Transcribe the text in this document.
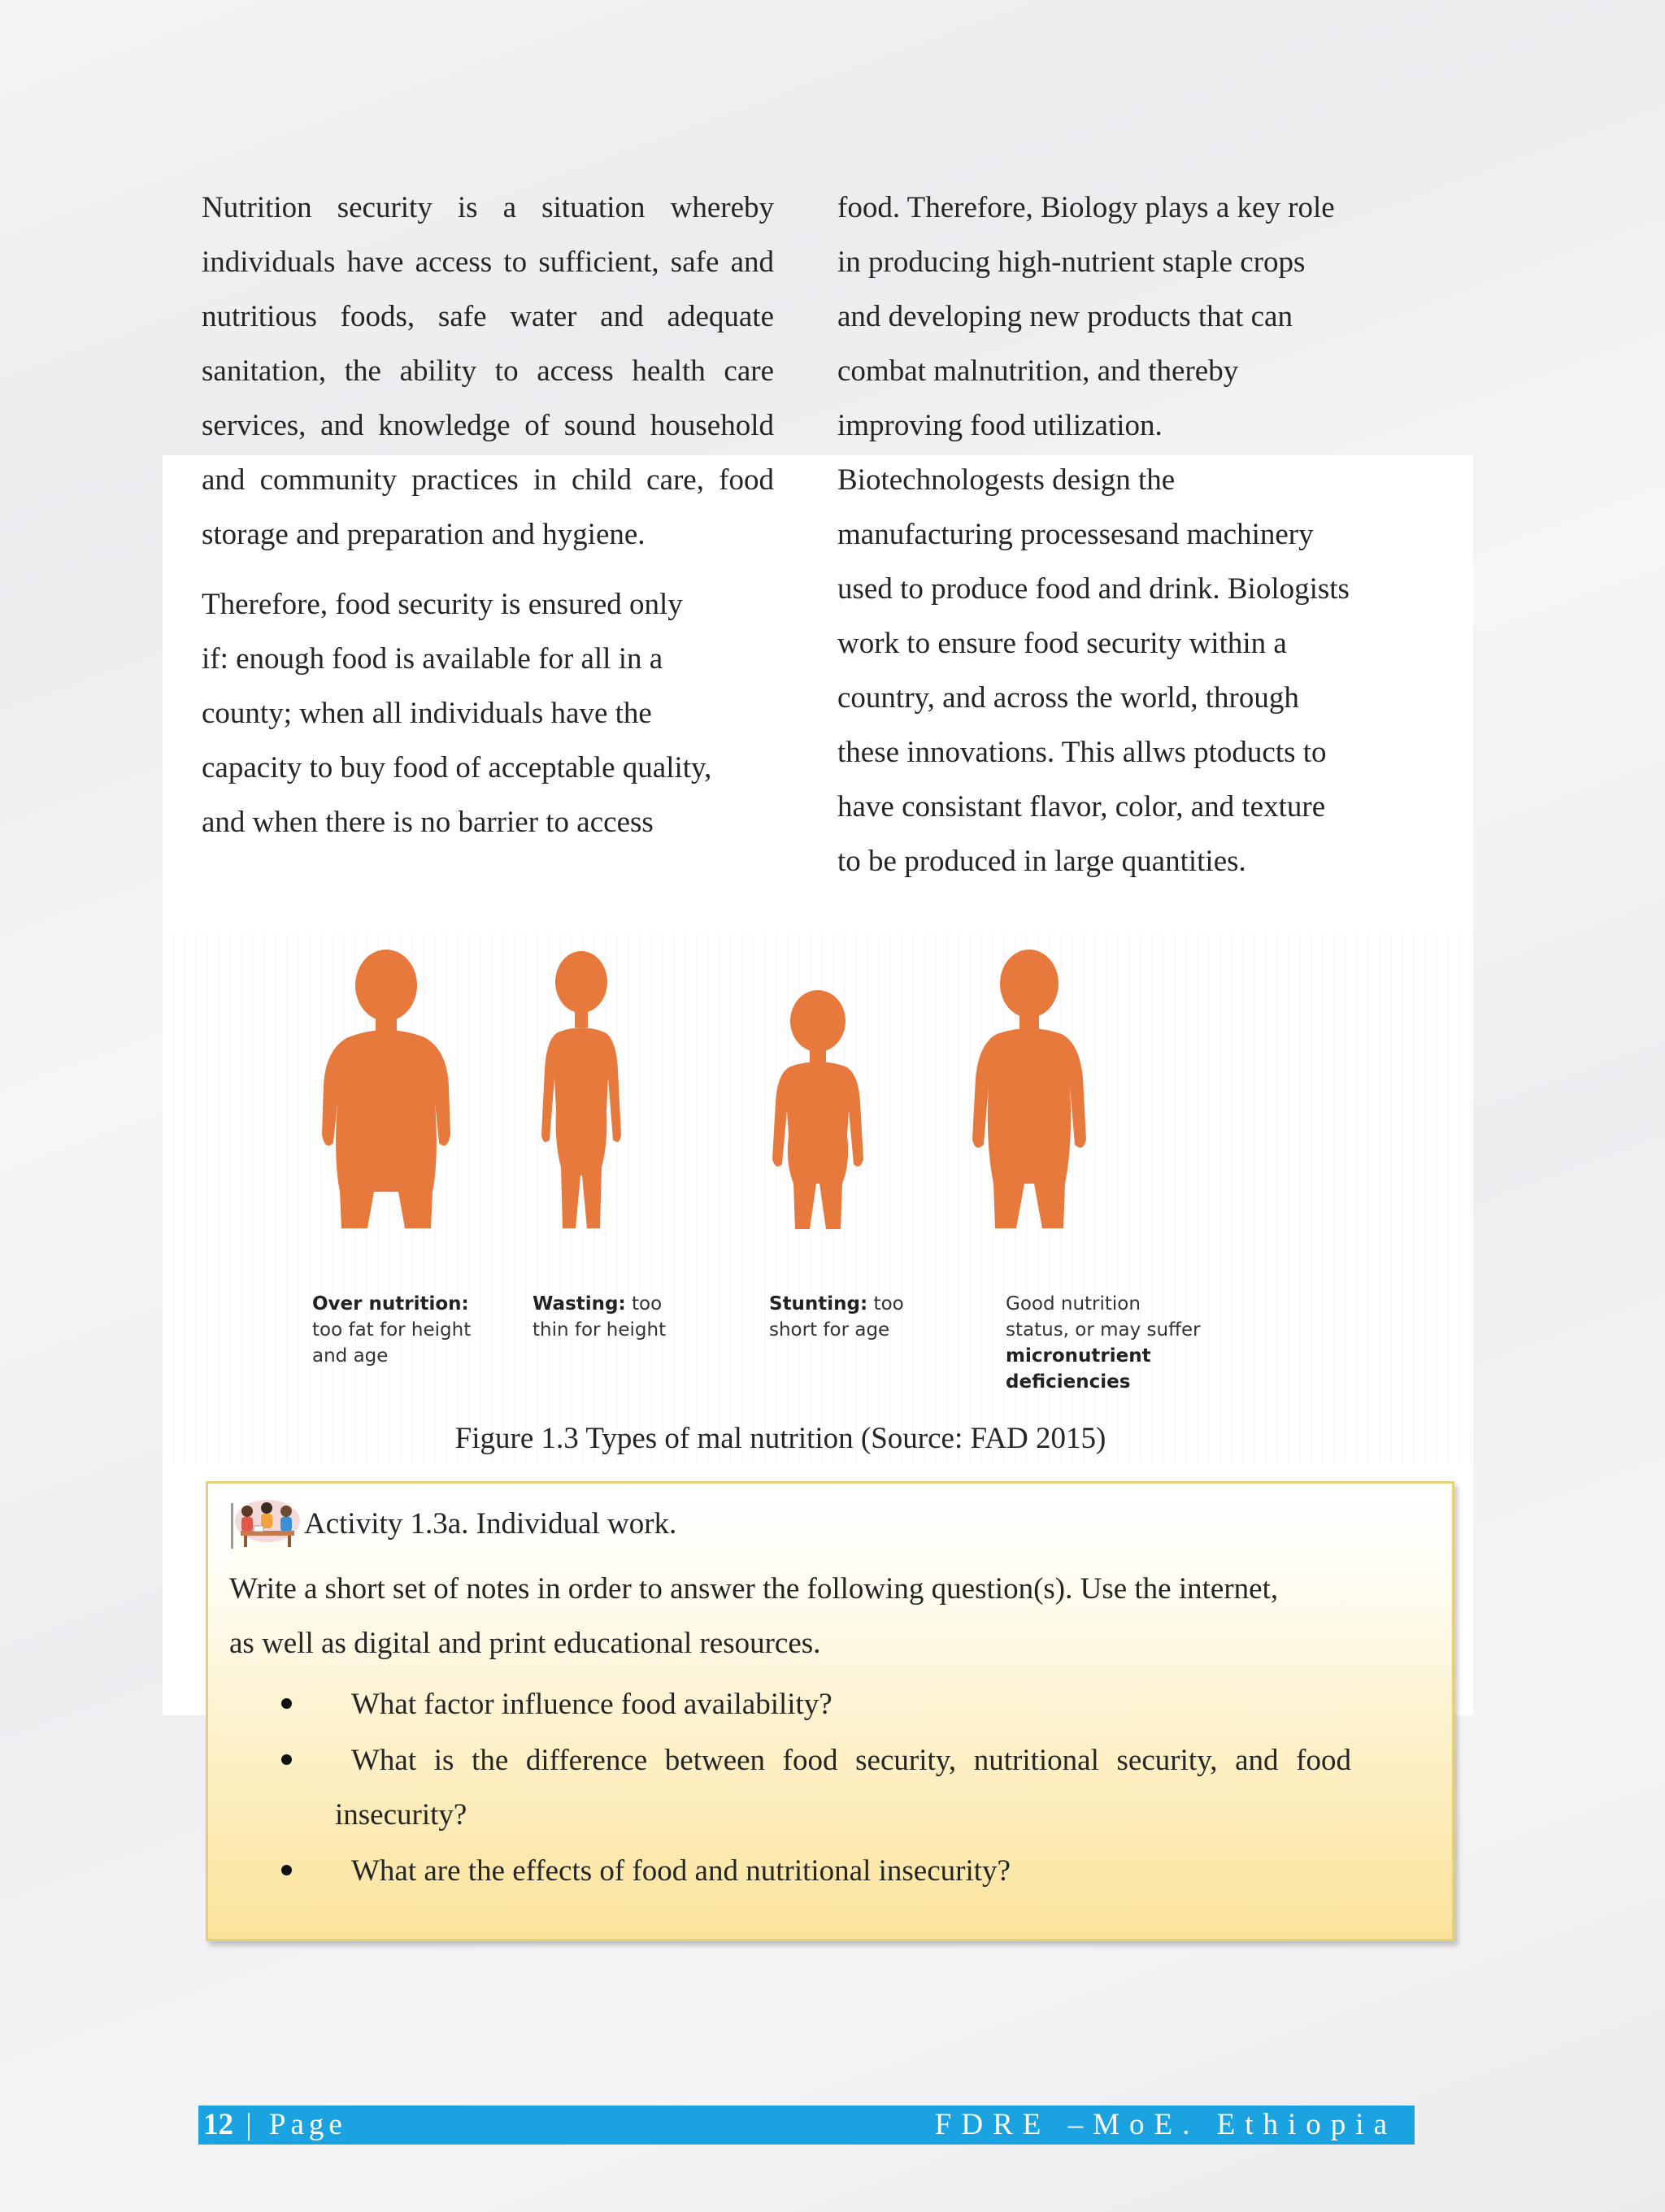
Nutrition security is a situation whereby individuals have access to sufficient, safe and nutritious foods, safe water and adequate sanitation, the ability to access health care services, and knowledge of sound household and community practices in child care, food storage and preparation and hygiene.

Therefore, food security is ensured only
if: enough food is available for all in a
county; when all individuals have the
capacity to buy food of acceptable quality,
and when there is no barrier to access

food. Therefore, Biology plays a key role
in producing high-nutrient staple crops
and developing new products that can
combat malnutrition, and thereby
improving food utilization.
Biotechnologests design the
manufacturing processesand machinery
used to produce food and drink. Biologists
work to ensure food security within a
country, and across the world, through
these innovations. This allws ptoducts to
have consistant flavor, color, and texture
to be produced in large quantities.

Over nutrition:
too fat for height and age
Wasting: too thin for height
Stunting: too short for age
Good nutrition status, or may suffer
micronutrient deficiencies
Figure 1.3 Types of mal nutrition (Source: FAD 2015)
Activity 1.3a. Individual work.
Write a short set of notes in order to answer the following question(s). Use the internet,
as well as digital and print educational resources.
What factor influence food availability?
What is the difference between food security, nutritional security, and food insecurity?
What are the effects of food and nutritional insecurity?
12 | Page	FDRE –MoE. Ethiopia
